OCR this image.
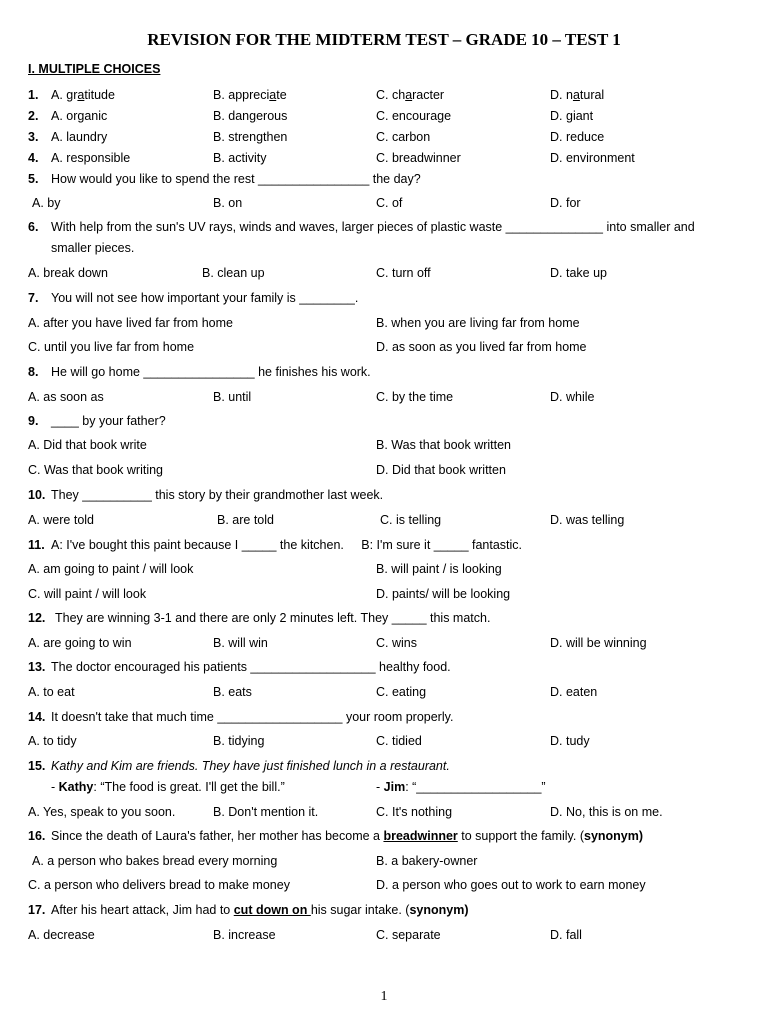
REVISION FOR THE MIDTERM TEST – GRADE 10 – TEST 1
I. MULTIPLE CHOICES
1. A. gratitude	B. appreciate	C. character	D. natural
2. A. organic	B. dangerous	C. encourage	D. giant
3. A. laundry	B. strengthen	C. carbon	D. reduce
4. A. responsible	B. activity	C. breadwinner	D. environment
5. How would you like to spend the rest ________________ the day?
A. by	B. on	C. of	D. for
6. With help from the sun's UV rays, winds and waves, larger pieces of plastic waste ______________ into smaller and
smaller pieces.
A. break down	B. clean up	C. turn off	D. take up
7. You will not see how important your family is ________.
A. after you have lived far from home	B. when you are living far from home
C. until you live far from home	D. as soon as you lived far from home
8. He will go home ________________ he finishes his work.
A. as soon as	B. until	C. by the time	D. while
9. ____ by your father?
A. Did that book write	B. Was that book written
C. Was that book writing	D. Did that book written
10. They __________ this story by their grandmother last week.
A. were told	B. are told	C. is telling	D. was telling
11. A: I've bought this paint because I _____ the kitchen.     B: I'm sure it _____ fantastic.
A. am going to paint / will look	B. will paint / is looking
C. will paint / will look	D. paints/ will be looking
12. They are winning 3-1 and there are only 2 minutes left. They _____ this match.
A. are going to win	B. will win	C. wins	D. will be winning
13. The doctor encouraged his patients __________________ healthy food.
A. to eat	B. eats	C. eating	D. eaten
14. It doesn't take that much time __________________ your room properly.
A. to tidy	B. tidying	C. tidied	D. tudy
15. Kathy and Kim are friends. They have just finished lunch in a restaurant.
- Kathy: “The food is great. I'll get the bill.”	- Jim: “__________________”
A. Yes, speak to you soon.	B. Don't mention it.	C. It's nothing	D. No, this is on me.
16. Since the death of Laura's father, her mother has become a breadwinner to support the family. (synonym)
A. a person who bakes bread every morning	B. a bakery-owner
C. a person who delivers bread to make money	D. a person who goes out to work to earn money
17. After his heart attack, Jim had to cut down on his sugar intake. (synonym)
A. decrease	B. increase	C. separate	D. fall
1
